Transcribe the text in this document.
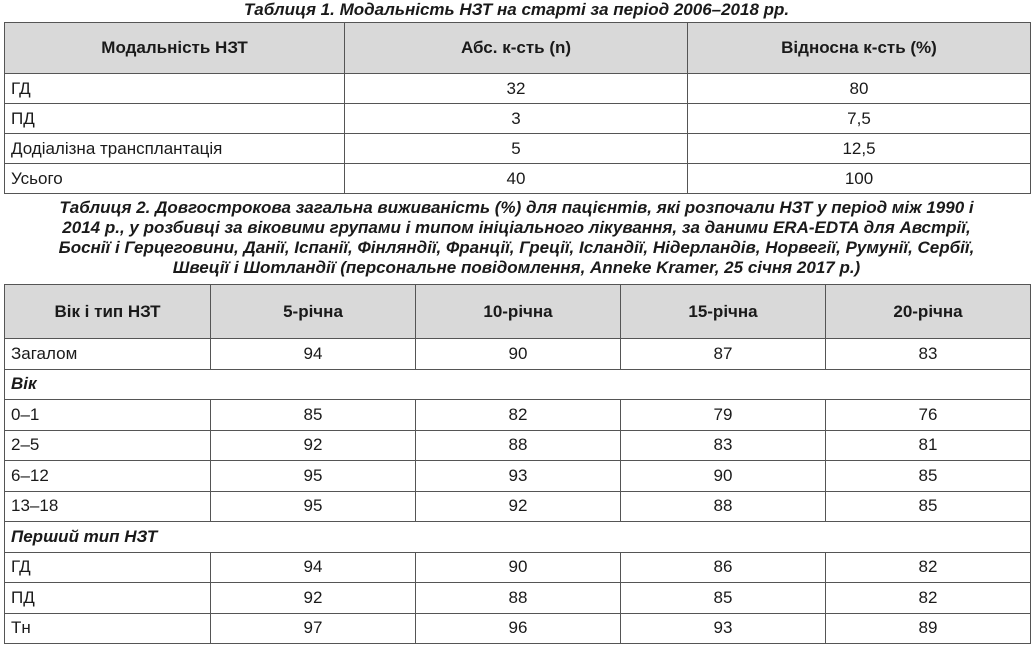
Таблиця 1. Модальність НЗТ на старті за період 2006–2018 рр.
Модальність НЗТ	Абс. к-сть (n)	Відносна к-сть (%)
ГД	32	80
ПД	3	7,5
Додіалізна трансплантація	5	12,5
Усього	40	100
Таблиця 2. Довгострокова загальна виживаність (%) для пацієнтів, які розпочали НЗТ у період між 1990 і
2014 р., у розбивці за віковими групами і типом ініціального лікування, за даними ERA-EDTA для Австрії,
Боснії і Герцеговини, Данії, Іспанії, Фінляндії, Франції, Греції, Ісландії, Нідерландів, Норвегії, Румунії, Сербії,
Швеції і Шотландії (персональне повідомлення, Anneke Kramer, 25 січня 2017 р.)
Вік і тип НЗТ	5-річна	10-річна	15-річна	20-річна
Загалом	94	90	87	83
Вік				
0–1	85	82	79	76
2–5	92	88	83	81
6–12	95	93	90	85
13–18	95	92	88	85
Перший тип НЗТ				
ГД	94	90	86	82
ПД	92	88	85	82
Тн	97	96	93	89
